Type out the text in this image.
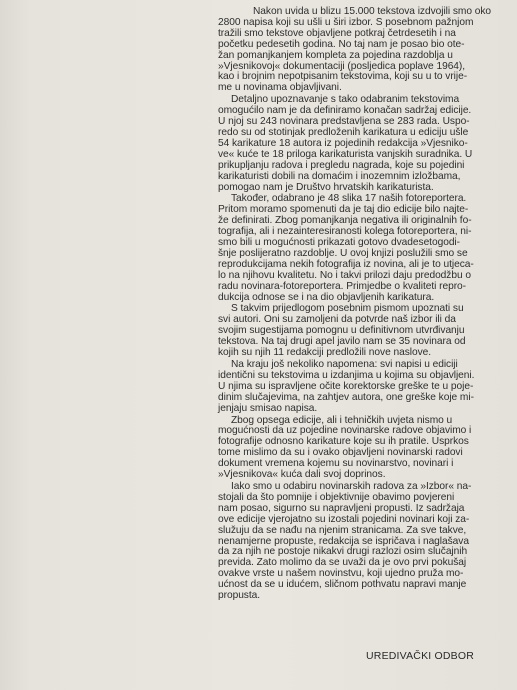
Nakon uvida u blizu 15.000 tekstova izdvojili smo oko
2800 napisa koji su ušli u širi izbor. S posebnom pažnjom
tražili smo tekstove objavljene potkraj četrdesetih i na
početku pedesetih godina. No taj nam je posao bio ote-
žan pomanjkanjem kompleta za pojedina razdoblja u
»Vjesnikovoj« dokumentaciji (posljedica poplave 1964),
kao i brojnim nepotpisanim tekstovima, koji su u to vrije-
me u novinama objavljivani.

Detaljno upoznavanje s tako odabranim tekstovima
omogućilo nam je da definiramo konačan sadržaj edicije.
U njoj su 243 novinara predstavljena se 283 rada. Uspo-
redo su od stotinjak predloženih karikatura u ediciju ušle
54 karikature 18 autora iz pojedinih redakcija »Vjesniko-
ve« kuće te 18 priloga karikaturista vanjskih suradnika. U
prikupljanju radova i pregledu nagrada, koje su pojedini
karikaturisti dobili na domaćim i inozemnim izložbama,
pomogao nam je Društvo hrvatskih karikaturista.

Također, odabrano je 48 slika 17 naših fotoreportera.
Pritom moramo spomenuti da je taj dio edicije bilo najte-
že definirati. Zbog pomanjkanja negativa ili originalnih fo-
tografija, ali i nezainteresiranosti kolega fotoreportera, ni-
smo bili u mogućnosti prikazati gotovo dvadesetogodi-
šnje poslijeratno razdoblje. U ovoj knjizi poslužili smo se
reprodukcijama nekih fotografija iz novina, ali je to utjeca-
lo na njihovu kvalitetu. No i takvi prilozi daju predodžbu o
radu novinara-fotoreportera. Primjedbe o kvaliteti repro-
dukcija odnose se i na dio objavljenih karikatura.

S takvim prijedlogom posebnim pismom upoznati su
svi autori. Oni su zamoljeni da potvrde naš izbor ili da
svojim sugestijama pomognu u definitivnom utvrđivanju
tekstova. Na taj drugi apel javilo nam se 35 novinara od
kojih su njih 11 redakciji predložili nove naslove.

Na kraju još nekoliko napomena: svi napisi u ediciji
identični su tekstovima u izdanjima u kojima su objavljeni.
U njima su ispravljene očite korektorske greške te u poje-
dinim slučajevima, na zahtjev autora, one greške koje mi-
jenjaju smisao napisa.

Zbog opsega edicije, ali i tehničkih uvjeta nismo u
mogućnosti da uz pojedine novinarske radove objavimo i
fotografije odnosno karikature koje su ih pratile. Usprkos
tome mislimo da su i ovako objavljeni novinarski radovi
dokument vremena kojemu su novinarstvo, novinari i
»Vjesnikova« kuća dali svoj doprinos.

Iako smo u odabiru novinarskih radova za »Izbor« na-
stojali da što pomnije i objektivnije obavimo povjereni
nam posao, sigurno su napravljeni propusti. Iz sadržaja
ove edicije vjerojatno su izostali pojedini novinari koji za-
služuju da se nađu na njenim stranicama. Za sve takve,
nenamjerne propuste, redakcija se ispričava i naglašava
da za njih ne postoje nikakvi drugi razlozi osim slučajnih
previda. Zato molimo da se uvaži da je ovo prvi pokušaj
ovakve vrste u našem novinstvu, koji ujedno pruža mo-
ućnost da se u idućem, sličnom pothvatu napravi manje
propusta.

UREDIVAČKI ODBOR
